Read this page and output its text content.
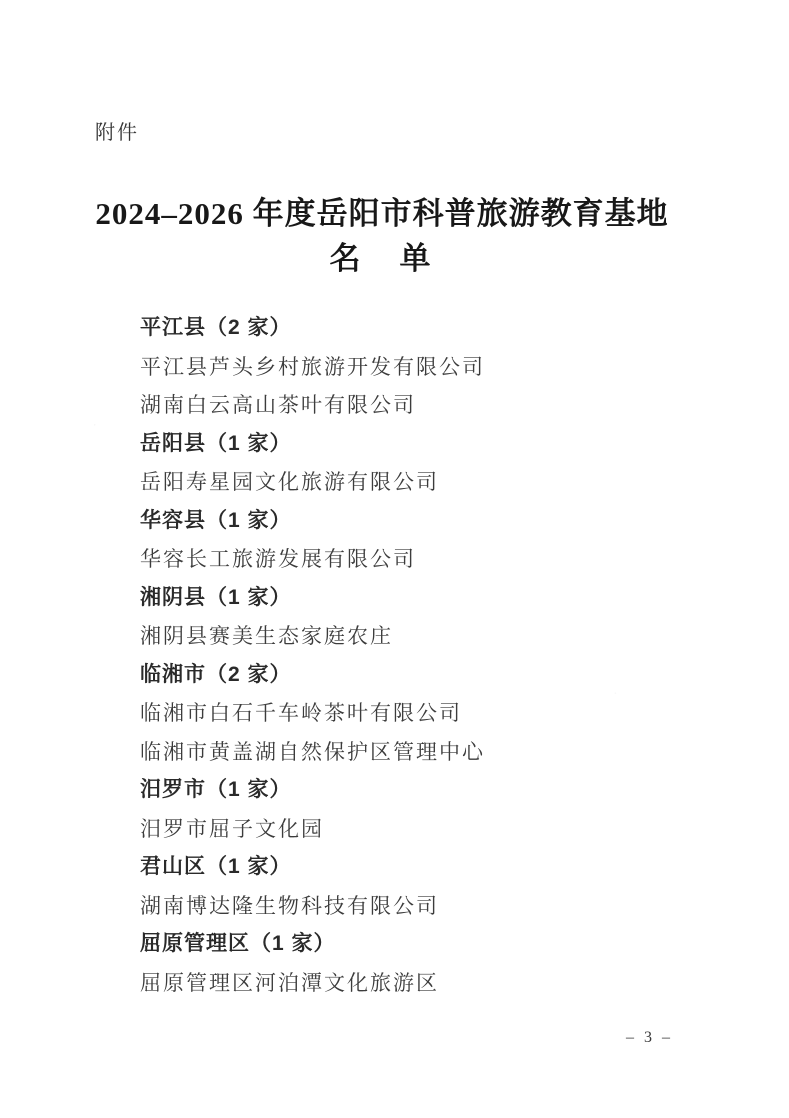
附件
2024–2026 年度岳阳市科普旅游教育基地
名　单
平江县（2 家）
平江县芦头乡村旅游开发有限公司
湖南白云高山茶叶有限公司
岳阳县（1 家）
岳阳寿星园文化旅游有限公司
华容县（1 家）
华容长工旅游发展有限公司
湘阴县（1 家）
湘阴县赛美生态家庭农庄
临湘市（2 家）
临湘市白石千车岭茶叶有限公司
临湘市黄盖湖自然保护区管理中心
汨罗市（1 家）
汨罗市屈子文化园
君山区（1 家）
湖南博达隆生物科技有限公司
屈原管理区（1 家）
屈原管理区河泊潭文化旅游区
– 3 –
